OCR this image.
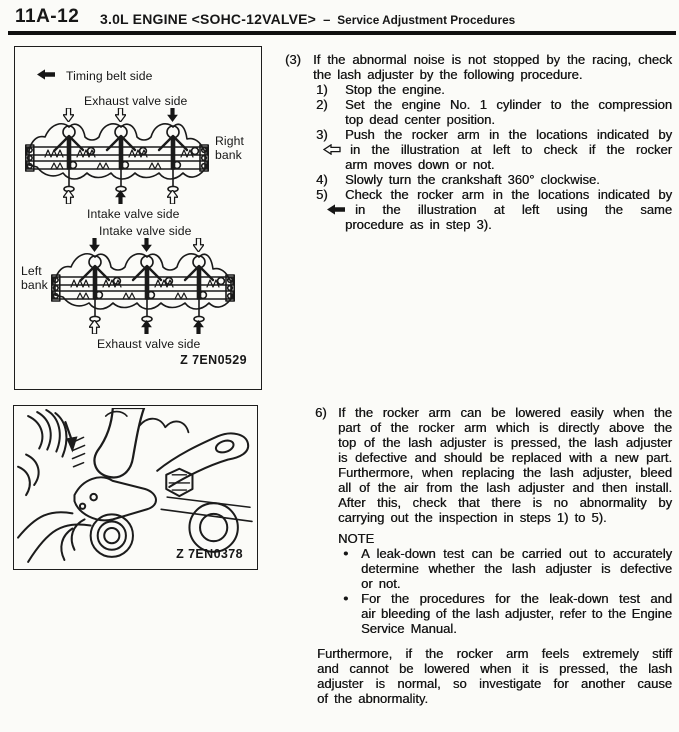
11A-12 3.0L ENGINE <SOHC-12VALVE> – Service Adjustment Procedures
Timing belt side
Exhaust valve side
Right bank
Intake valve side
Intake valve side
Left bank
Exhaust valve side
Z 7EN0529
Z 7EN0378
(3) If the abnormal noise is not stopped by the racing, check
the lash adjuster by the following procedure.
1)	Stop the engine.
2)	Set the engine No. 1 cylinder to the compression
top dead center position.
3)	Push the rocker arm in the locations indicated by
in the illustration at left to check if the rocker
arm moves down or not.
4)	Slowly turn the crankshaft 360° clockwise.
5)	Check the rocker arm in the locations indicated by
in the illustration at left using the same
procedure as in step 3).
6) If the rocker arm can be lowered easily when the
part of the rocker arm which is directly above the
top of the lash adjuster is pressed, the lash adjuster
is defective and should be replaced with a new part.
Furthermore, when replacing the lash adjuster, bleed
all of the air from the lash adjuster and then install.
After this, check that there is no abnormality by
carrying out the inspection in steps 1) to 5).
NOTE
● A leak-down test can be carried out to accurately
determine whether the lash adjuster is defective
or not.
● For the procedures for the leak-down test and
air bleeding of the lash adjuster, refer to the Engine
Service Manual.
Furthermore, if the rocker arm feels extremely stiff
and cannot be lowered when it is pressed, the lash
adjuster is normal, so investigate for another cause
of the abnormality.
